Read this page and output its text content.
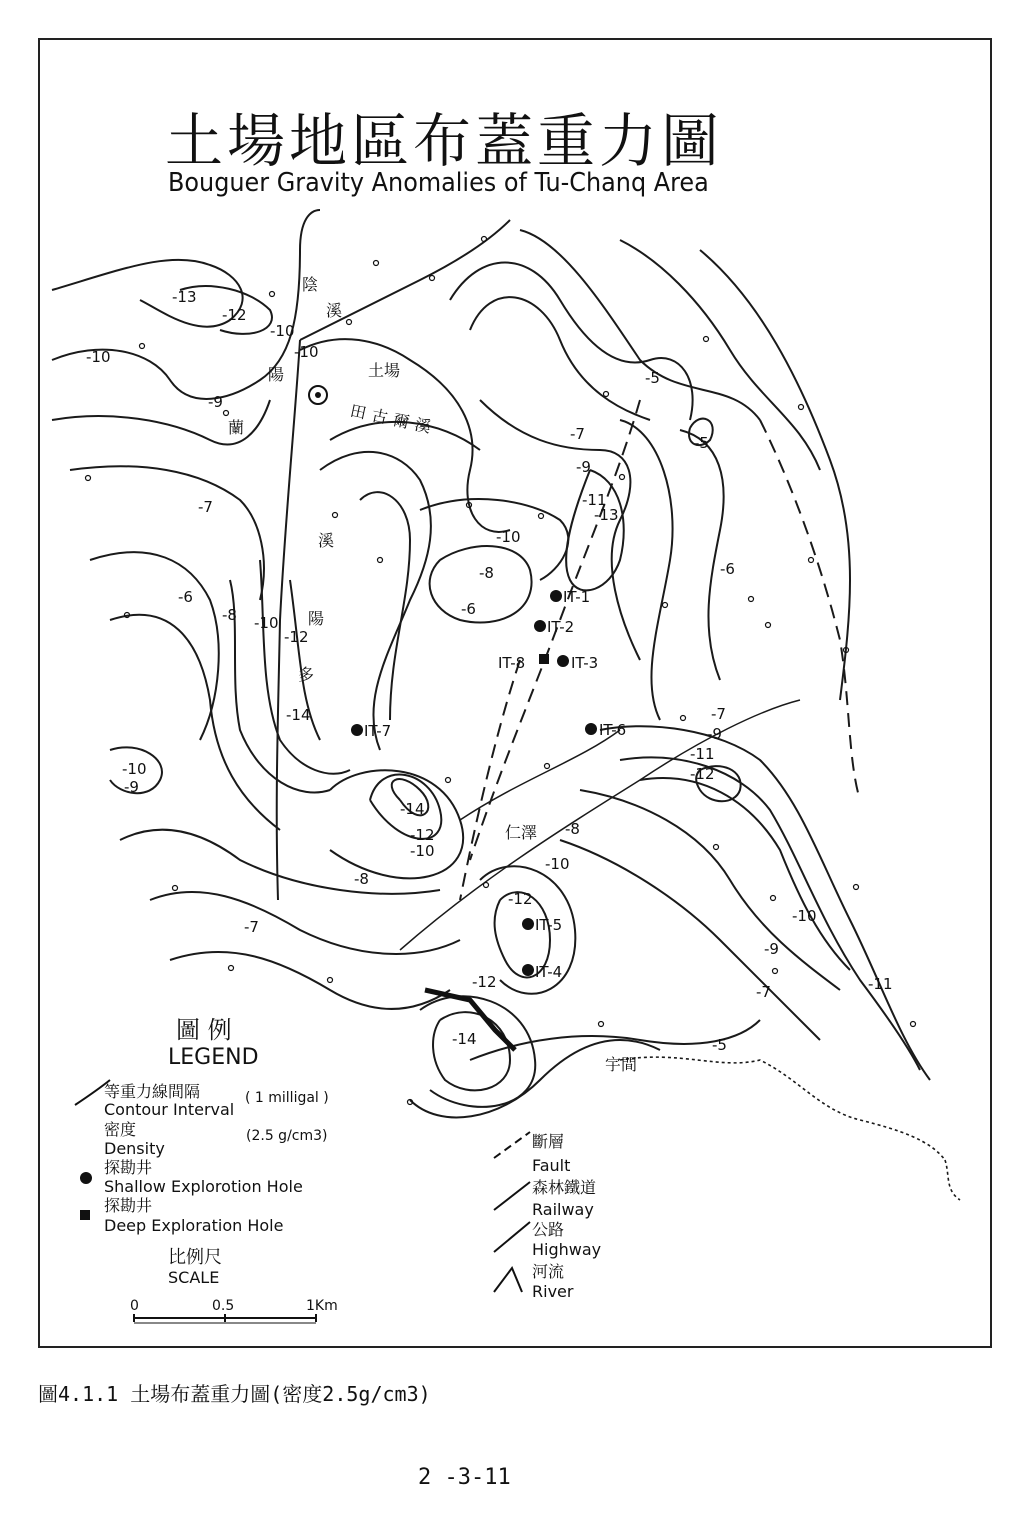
土場地區布蓋重力圖
Bouguer Gravity Anomalies of Tu-Chanq Area
-13
-12
-10
-10
-10
-9
-7
-6
-8 -10
-12
-14
-10
-9
-5
-5
-7
-9
-11
-13
-10
-8
-6
-6
-7
-9
-11
-12
-14
-12
-10
-8
-10
-8
-7
-12
-12
-14
-10
-9
-11
-7
-5
土場
田古爾溪
仁澤
宇間
陰
溪
蘭
陽
溪
多
陽
IT-1
IT-2
IT-8	IT-3
IT-7	IT-6
IT-5
IT-4
圖 例
LEGEND
等重力線間隔	( 1 milligal )
Contour Interval
密度	(2.5 g/cm3)
Density
探勘井
Shallow Explorotion Hole
探勘井
Deep Exploration Hole
比例尺
SCALE
0	0.5	1Km
斷層
Fault
森林鐵道
Railway
公路
Highway
河流
River
圖4.1.1 土場布蓋重力圖(密度2.5g/cm3)
2 -3-11
